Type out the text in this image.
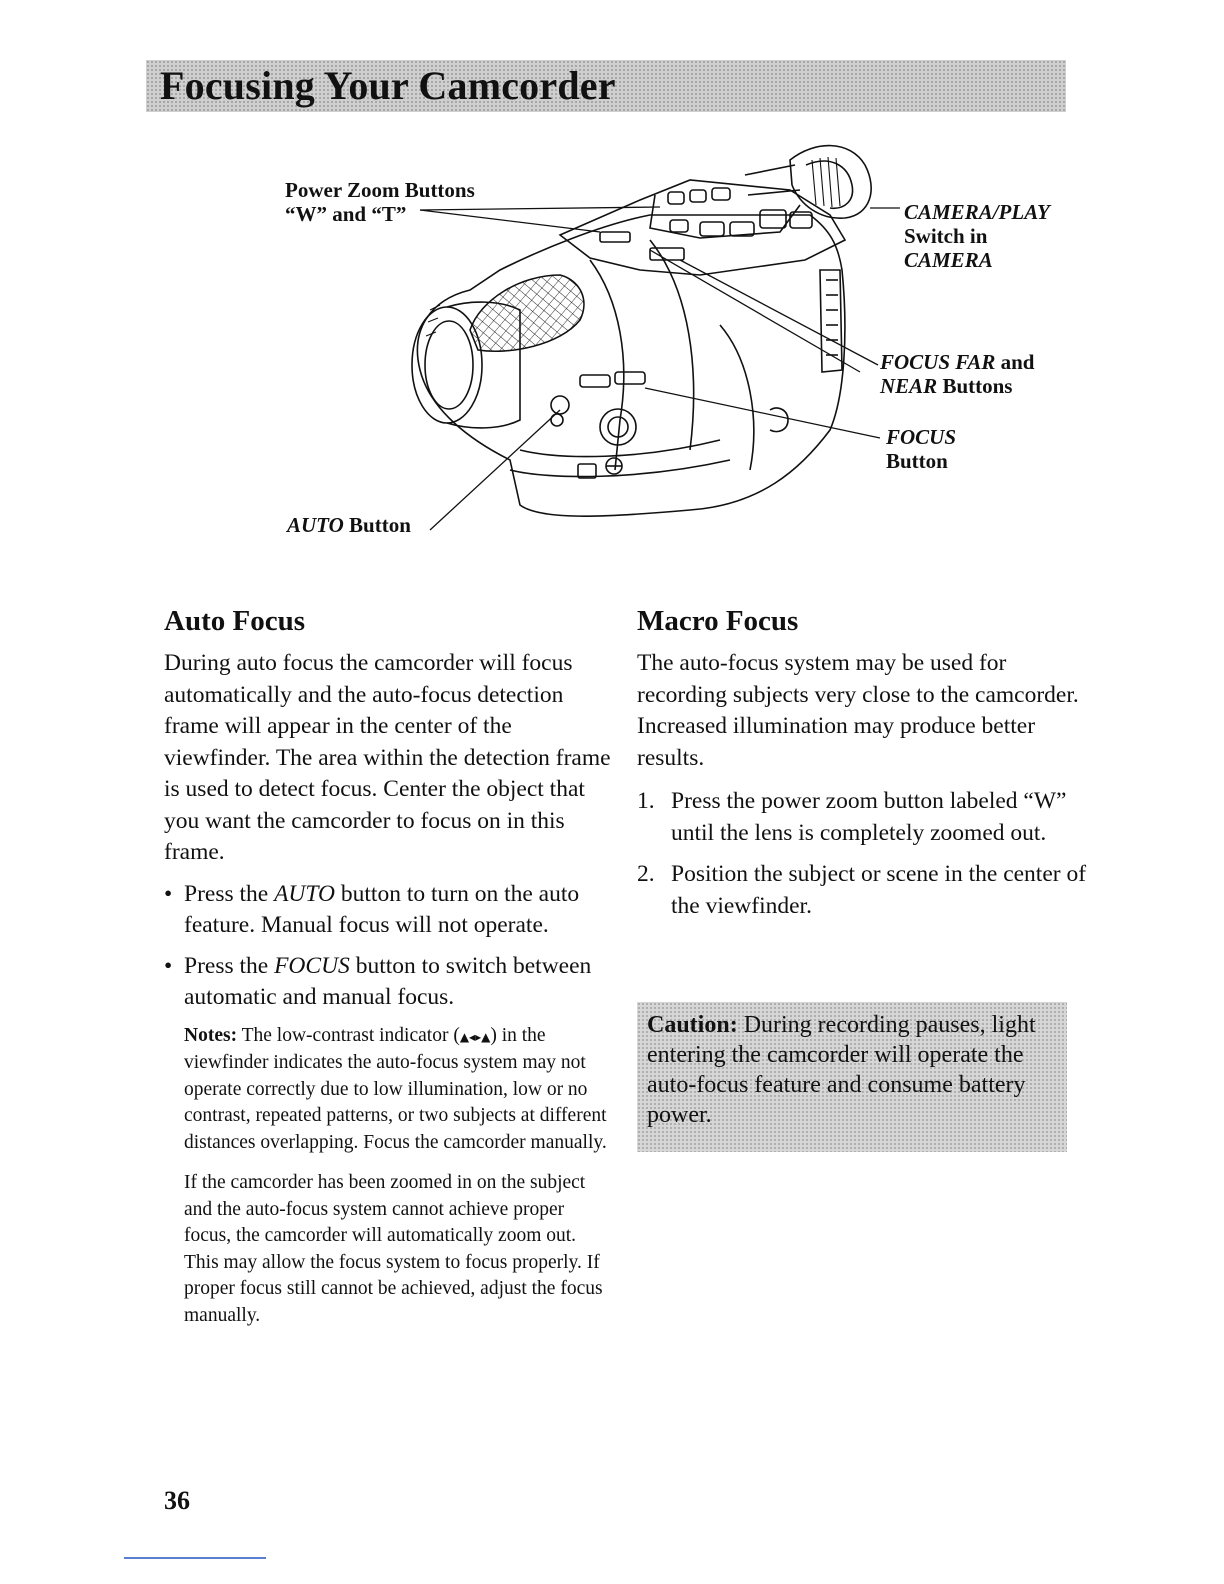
Focusing Your Camcorder
Power Zoom Buttons
“W” and “T”	CAMERA/PLAY
Switch in
CAMERA
FOCUS FAR and
NEAR Buttons
FOCUS
Button
AUTO Button
Auto Focus

During auto focus the camcorder will focus automatically and the auto-focus detection frame will appear in the center of the viewfinder. The area within the detection frame is used to detect focus. Center the object that you want the camcorder to focus on in this frame.

• Press the AUTO button to turn on the auto feature. Manual focus will not operate.
• Press the FOCUS button to switch between automatic and manual focus.
Notes: The low-contrast indicator (▲◂▸▲) in the viewfinder indicates the auto-focus system may not operate correctly due to low illumination, low or no contrast, repeated patterns, or two subjects at different distances overlapping. Focus the camcorder manually.
If the camcorder has been zoomed in on the subject and the auto-focus system cannot achieve proper focus, the camcorder will automatically zoom out. This may allow the focus system to focus properly. If proper focus still cannot be achieved, adjust the focus manually.
Macro Focus

The auto-focus system may be used for recording subjects very close to the camcorder. Increased illumination may produce better results.

1. Press the power zoom button labeled “W” until the lens is completely zoomed out.
2. Position the subject or scene in the center of the viewfinder.

Caution: During recording pauses, light entering the camcorder will operate the auto-focus feature and consume battery power.

36
